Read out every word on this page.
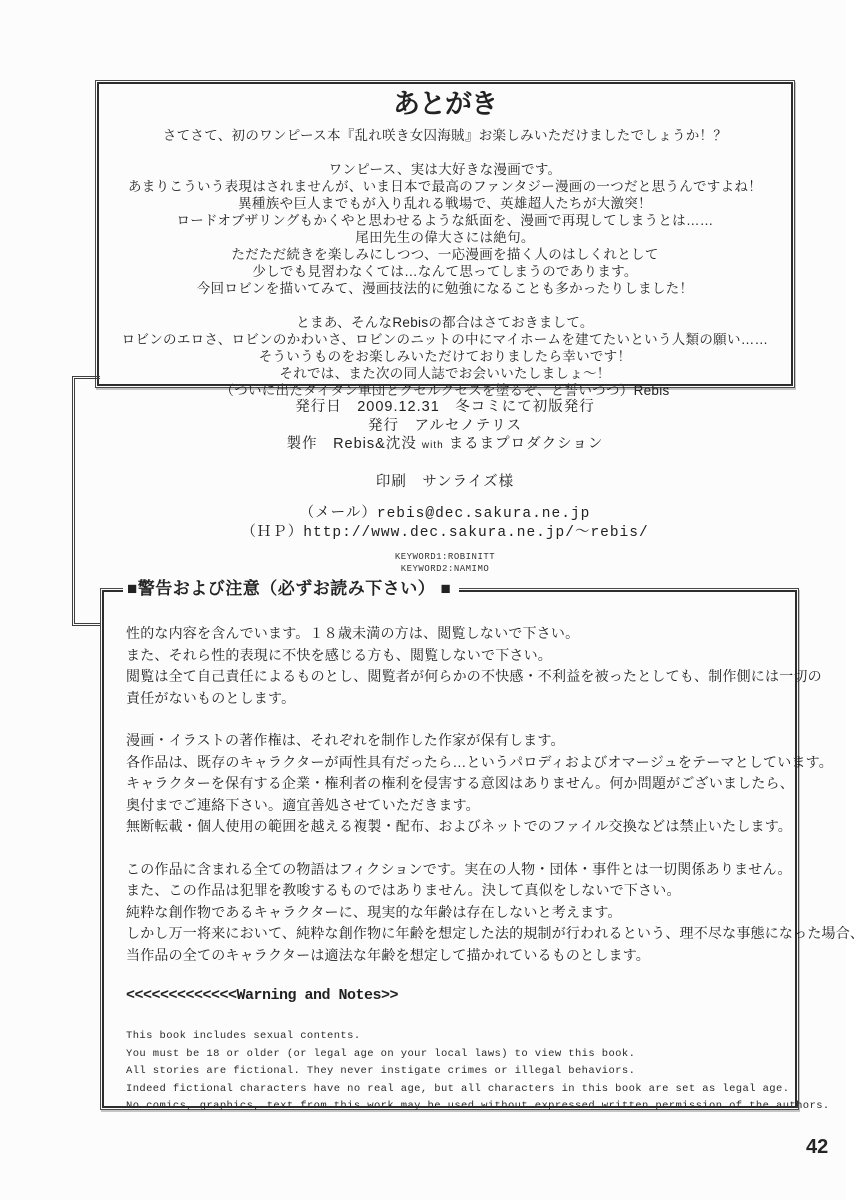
あとがき
さてさて、初のワンピース本『乱れ咲き女囚海賊』お楽しみいただけましたでしょうか！？
ワンピース、実は大好きな漫画です。
あまりこういう表現はされませんが、いま日本で最高のファンタジー漫画の一つだと思うんですよね！
異種族や巨人までもが入り乱れる戦場で、英雄超人たちが大激突！
ロードオブザリングもかくやと思わせるような紙面を、漫画で再現してしまうとは……
尾田先生の偉大さには絶句。
ただただ続きを楽しみにしつつ、一応漫画を描く人のはしくれとして
少しでも見習わなくては…なんて思ってしまうのであります。
今回ロビンを描いてみて、漫画技法的に勉強になることも多かったりしました！
とまあ、そんなRebisの都合はさておきまして。
ロビンのエロさ、ロビンのかわいさ、ロビンのニットの中にマイホームを建てたいという人類の願い……
そういうものをお楽しみいただけておりましたら幸いです！
それでは、また次の同人誌でお会いいたしましょ～！
（ついに出たタイタン軍団とクセルクセスを塗るぞ、と誓いつつ）Rebis
発行日　2009.12.31　冬コミにて初版発行
発行　アルセノテリス
製作　Rebis&沈没 with まるまプロダクション
印刷　サンライズ様
（メール）rebis@dec.sakura.ne.jp
（ＨＰ）http://www.dec.sakura.ne.jp/～rebis/
KEYWORD1:ROBINITT
KEYWORD2:NAMIMO
■警告および注意（必ずお読み下さい） ■
性的な内容を含んでいます。１８歳未満の方は、閲覧しないで下さい。
また、それら性的表現に不快を感じる方も、閲覧しないで下さい。
閲覧は全て自己責任によるものとし、閲覧者が何らかの不快感・不利益を被ったとしても、制作側には一切の
責任がないものとします。
漫画・イラストの著作権は、それぞれを制作した作家が保有します。
各作品は、既存のキャラクターが両性具有だったら…というパロディおよびオマージュをテーマとしています。
キャラクターを保有する企業・権利者の権利を侵害する意図はありません。何か問題がございましたら、
奥付までご連絡下さい。適宜善処させていただきます。
無断転載・個人使用の範囲を越える複製・配布、およびネットでのファイル交換などは禁止いたします。
この作品に含まれる全ての物語はフィクションです。実在の人物・団体・事件とは一切関係ありません。
また、この作品は犯罪を教唆するものではありません。決して真似をしないで下さい。
純粋な創作物であるキャラクターに、現実的な年齢は存在しないと考えます。
しかし万一将来において、純粋な創作物に年齢を想定した法的規制が行われるという、理不尽な事態になった場合、
当作品の全てのキャラクターは適法な年齢を想定して描かれているものとします。
<<<<<<<<<<<<<Warning and Notes>>
This book includes sexual contents.
You must be 18 or older (or legal age on your local laws) to view this book.
All stories are fictional. They never instigate crimes or illegal behaviors.
Indeed fictional characters have no real age, but all characters in this book are set as legal age.
No comics, graphics, text from this work may be used without expressed written permission of the authors.
42
